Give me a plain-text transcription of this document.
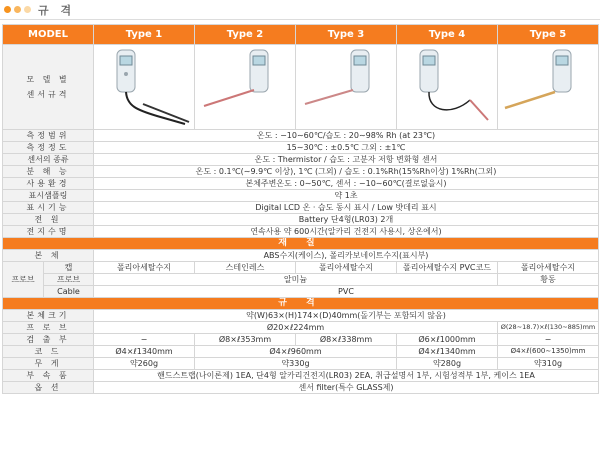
규 격
MODEL		Type 1	Type 2	Type 3	Type 4	Type 5
모 델 별
센서규격	

측정범위		온도 : −10∼60℃/습도 : 20∼98% Rh (at 23℃)				
측정정도		15∼30℃ : ±0.5℃ 그외 : ±1℃				
센서의 종류		온도 : Thermistor / 습도 : 고분자 저항 변화형 센서				
분 해 능		온도 : 0.1℃(∼9.9℃ 이상), 1℃ (그외) / 습도 : 0.1%Rh(15%Rh이상) 1%Rh(그외)				
사용환경		본체주변온도 : 0∼50℃, 센서 : −10∼60℃(결로없을시)				
표시샘플링		약 1초				
표시기능		Digital LCD 온 · 습도 동시 표시 / Low 밧데리 표시				
전 원		Battery 단4형(LR03) 2개				
전지수명		연속사용 약 600시간(알카리 건전지 사용시, 상온에서)				
재 질						
본 체		ABS수지(케이스), 폴리카보네이트수지(표시부)				
프로브	캡	폴리아세탈수지	스테인레스	폴리아세탈수지	폴리아세탈수지 PVC코드	폴리아세탈수지
	프로브	알미늄				황동
	Cable	PVC				
규 격						
본체크기		약(W)63×(H)174×(D)40mm(돌기부는 포함되지 않음)				
프 로 브		Ø20×ℓ224mm				Ø(28∼18.7)×ℓ(130∼885)mm
검 출 부		−	Ø8×ℓ353mm	Ø8×ℓ338mm	Ø6×ℓ1000mm	−
코 드		Ø4×ℓ1340mm	Ø4×ℓ960mm		Ø4×ℓ1340mm	Ø4×ℓ(600∼1350)mm
무 게		약260g	약330g		약280g	약310g
부 속 품		핸드스트랩(나이론제) 1EA, 단4형 알카리건전지(LR03) 2EA, 취급설명서 1부, 시험성적부 1부, 케이스 1EA				
옵 션		센서 filter(특수 GLASS제)				
